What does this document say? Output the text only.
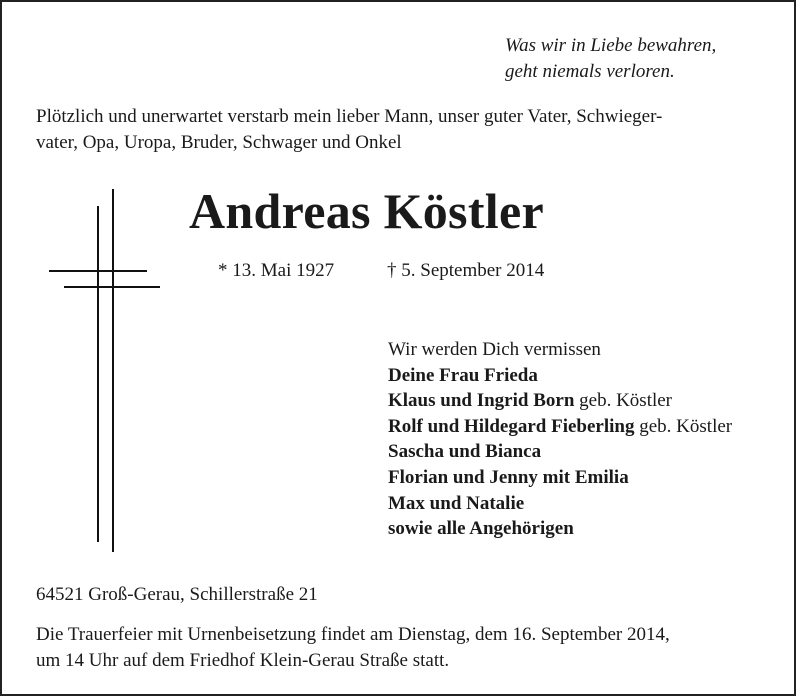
Was wir in Liebe bewahren,
geht niemals verloren.
Plötzlich und unerwartet verstarb mein lieber Mann, unser guter Vater, Schwieger-
vater, Opa, Uropa, Bruder, Schwager und Onkel
Andreas Köstler
* 13. Mai 1927	† 5. September 2014
Wir werden Dich vermissen
Deine Frau Frieda
Klaus und Ingrid Born geb. Köstler
Rolf und Hildegard Fieberling geb. Köstler
Sascha und Bianca
Florian und Jenny mit Emilia
Max und Natalie
sowie alle Angehörigen
64521 Groß-Gerau, Schillerstraße 21
Die Trauerfeier mit Urnenbeisetzung findet am Dienstag, dem 16. September 2014,
um 14 Uhr auf dem Friedhof Klein-Gerau Straße statt.
